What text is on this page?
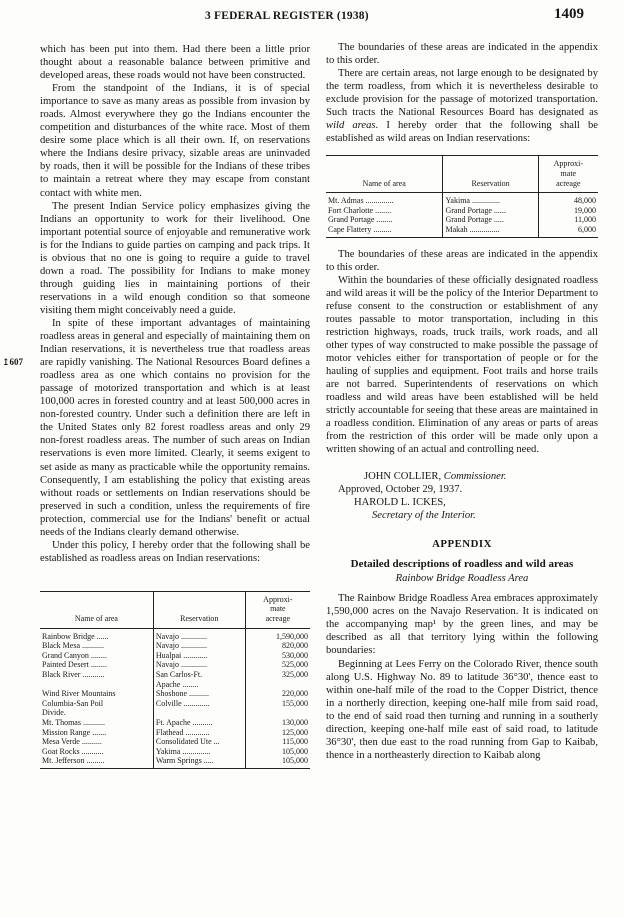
3 FEDERAL REGISTER (1938)	1409
↥607

which has been put into them. Had there been a little prior thought about a reasonable balance between primitive and developed areas, these roads would not have been constructed.

From the standpoint of the Indians, it is of special importance to save as many areas as possible from invasion by roads. Almost everywhere they go the Indians encounter the competition and disturbances of the white race. Most of them desire some place which is all their own. If, on reservations where the Indians desire privacy, sizable areas are uninvaded by roads, then it will be possible for the Indians of these tribes to maintain a retreat where they may escape from constant contact with white men.

The present Indian Service policy emphasizes giving the Indians an opportunity to work for their livelihood. One important potential source of enjoyable and remunerative work is for the Indians to guide parties on camping and pack trips. It is obvious that no one is going to require a guide to travel down a road. The possibility for Indians to make money through guiding lies in maintaining portions of their reservations in a wild enough condition so that someone visiting them might conceivably need a guide.

In spite of these important advantages of maintaining roadless areas in general and especially of maintaining them on Indian reservations, it is nevertheless true that roadless areas are rapidly vanishing. The National Resources Board defines a roadless area as one which contains no provision for the passage of motorized transportation and which is at least 100,000 acres in forested country and at least 500,000 acres in non-forested country. Under such a definition there are left in the United States only 82 forest roadless areas and only 29 non-forest roadless areas. The number of such areas on Indian reservations is even more limited. Clearly, it seems exigent to set aside as many as practicable while the opportunity remains. Consequently, I am establishing the policy that existing areas without roads or settlements on Indian reservations should be preserved in such a condition, unless the requirements of fire protection, commercial use for the Indians' benefit or actual needs of the Indians clearly demand otherwise.

Under this policy, I hereby order that the following shall be established as roadless areas on Indian reservations:

Name of area	Reservation	Approxi-
mate
acreage
Rainbow Bridge ......	Navajo .............	1,590,000
Black Mesa ...........	Navajo .............	820,000
Grand Canyon ........	Hualpai ............	530,000
Painted Desert ........	Navajo .............	525,000
Black River ...........	San Carlos-Ft.	325,000
	Apache ........	
Wind River Mountains	Shoshone ..........	220,000
Columbia-San Poil	Colville .............	155,000
Divide.		
Mt. Thomas ...........	Ft. Apache ..........	130,000
Mission Range .......	Flathead ............	125,000
Mesa Verde ..........	Consolidated Ute ...	115,000
Goat Rocks ...........	Yakima ..............	105,000
Mt. Jefferson .........	Warm Springs .....	105,000

The boundaries of these areas are indicated in the appendix to this order.

There are certain areas, not large enough to be designated by the term roadless, from which it is nevertheless desirable to exclude provision for the passage of motorized transportation. Such tracts the National Resources Board has designated as wild areas. I hereby order that the following shall be established as wild areas on Indian reservations:

Name of area	Reservation	Approxi-
mate
acreage
Mt. Admas ..............	Yakima ..............	48,000
Fort Charlotte ........	Grand Portage ......	19,000
Grand Portage ........	Grand Portage .....	11,000
Cape Flattery .........	Makah ...............	6,000

The boundaries of these areas are indicated in the appendix to this order.

Within the boundaries of these officially designated roadless and wild areas it will be the policy of the Interior Department to refuse consent to the construction or establishment of any routes passable to motor transportation, including in this restriction highways, roads, truck trails, work roads, and all other types of way constructed to make possible the passage of motor vehicles either for transportation of people or for the hauling of supplies and equipment. Foot trails and horse trails are not barred. Superintendents of reservations on which roadless and wild areas have been established will be held strictly accountable for seeing that these areas are maintained in a roadless condition. Elimination of any areas or parts of areas from the restriction of this order will be made only upon a written showing of an actual and controlling need.

JOHN COLLIER, Commissioner.
Approved, October 29, 1937.
HAROLD L. ICKES,
Secretary of the Interior.
APPENDIX
Detailed descriptions of roadless and wild areas
Rainbow Bridge Roadless Area

The Rainbow Bridge Roadless Area embraces approximately 1,590,000 acres on the Navajo Reservation. It is indicated on the accompanying map¹ by the green lines, and may be described as all that territory lying within the following boundaries:

Beginning at Lees Ferry on the Colorado River, thence south along U.S. Highway No. 89 to latitude 36°30', thence east to within one-half mile of the road to the Copper District, thence in a northerly direction, keeping one-half mile from said road, to the end of said road then turning and running in a southerly direction, keeping one-half mile east of said road, to latitude 36°30', then due east to the road running from Gap to Kaibab, thence in a northeasterly direction to Kaibab along
